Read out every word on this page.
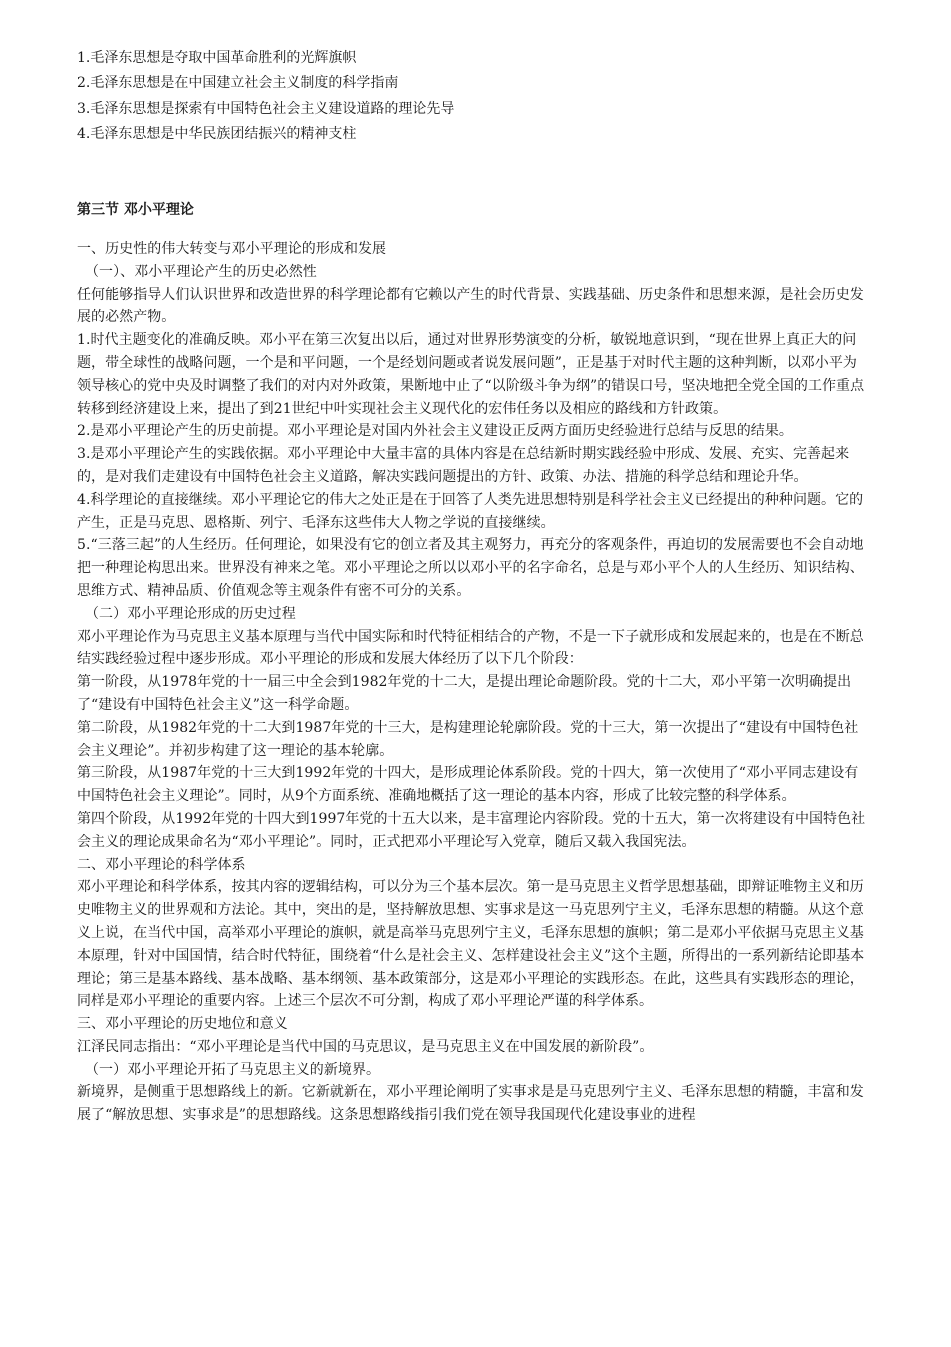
1.毛泽东思想是夺取中国革命胜利的光辉旗帜

2.毛泽东思想是在中国建立社会主义制度的科学指南

3.毛泽东思想是探索有中国特色社会主义建设道路的理论先导

4.毛泽东思想是中华民族团结振兴的精神支柱

第三节 邓小平理论

一、历史性的伟大转变与邓小平理论的形成和发展

（一）、邓小平理论产生的历史必然性

任何能够指导人们认识世界和改造世界的科学理论都有它赖以产生的时代背景、实践基础、历史条件和思想来源，是社会历史发展的必然产物。

1.时代主题变化的准确反映。邓小平在第三次复出以后，通过对世界形势演变的分析，敏锐地意识到，“现在世界上真正大的问题，带全球性的战略问题，一个是和平问题，一个是经划问题或者说发展问题”，正是基于对时代主题的这种判断，以邓小平为领导核心的党中央及时调整了我们的对内对外政策，果断地中止了“以阶级斗争为纲”的错误口号，坚决地把全党全国的工作重点转移到经济建设上来，提出了到21世纪中叶实现社会主义现代化的宏伟任务以及相应的路线和方针政策。

2.是邓小平理论产生的历史前提。邓小平理论是对国内外社会主义建设正反两方面历史经验进行总结与反思的结果。

3.是邓小平理论产生的实践依据。邓小平理论中大量丰富的具体内容是在总结新时期实践经验中形成、发展、充实、完善起来的，是对我们走建设有中国特色社会主义道路，解决实践问题提出的方针、政策、办法、措施的科学总结和理论升华。

4.科学理论的直接继续。邓小平理论它的伟大之处正是在于回答了人类先进思想特别是科学社会主义已经提出的种种问题。它的产生，正是马克思、恩格斯、列宁、毛泽东这些伟大人物之学说的直接继续。

5.“三落三起”的人生经历。任何理论，如果没有它的创立者及其主观努力，再充分的客观条件，再迫切的发展需要也不会自动地把一种理论构思出来。世界没有神来之笔。邓小平理论之所以以邓小平的名字命名，总是与邓小平个人的人生经历、知识结构、思维方式、精神品质、价值观念等主观条件有密不可分的关系。

（二）邓小平理论形成的历史过程

邓小平理论作为马克思主义基本原理与当代中国实际和时代特征相结合的产物，不是一下子就形成和发展起来的，也是在不断总结实践经验过程中逐步形成。邓小平理论的形成和发展大体经历了以下几个阶段：

第一阶段，从1978年党的十一届三中全会到1982年党的十二大，是提出理论命题阶段。党的十二大，邓小平第一次明确提出了“建设有中国特色社会主义”这一科学命题。

第二阶段，从1982年党的十二大到1987年党的十三大，是构建理论轮廓阶段。党的十三大，第一次提出了“建设有中国特色社会主义理论”。并初步构建了这一理论的基本轮廓。

第三阶段，从1987年党的十三大到1992年党的十四大，是形成理论体系阶段。党的十四大，第一次使用了“邓小平同志建设有中国特色社会主义理论”。同时，从9个方面系统、准确地概括了这一理论的基本内容，形成了比较完整的科学体系。

第四个阶段，从1992年党的十四大到1997年党的十五大以来，是丰富理论内容阶段。党的十五大，第一次将建设有中国特色社会主义的理论成果命名为“邓小平理论”。同时，正式把邓小平理论写入党章，随后又载入我国宪法。

二、邓小平理论的科学体系

邓小平理论和科学体系，按其内容的逻辑结构，可以分为三个基本层次。第一是马克思主义哲学思想基础，即辩证唯物主义和历史唯物主义的世界观和方法论。其中，突出的是，坚持解放思想、实事求是这一马克思列宁主义，毛泽东思想的精髓。从这个意义上说，在当代中国，高举邓小平理论的旗帜，就是高举马克思列宁主义，毛泽东思想的旗帜；第二是邓小平依据马克思主义基本原理，针对中国国情，结合时代特征，围绕着“什么是社会主义、怎样建设社会主义”这个主题，所得出的一系列新结论即基本理论；第三是基本路线、基本战略、基本纲领、基本政策部分，这是邓小平理论的实践形态。在此，这些具有实践形态的理论，同样是邓小平理论的重要内容。上述三个层次不可分割，构成了邓小平理论严谨的科学体系。

三、邓小平理论的历史地位和意义

江泽民同志指出：“邓小平理论是当代中国的马克思议，是马克思主义在中国发展的新阶段”。

（一）邓小平理论开拓了马克思主义的新境界。

新境界，是侧重于思想路线上的新。它新就新在，邓小平理论阐明了实事求是是马克思列宁主义、毛泽东思想的精髓，丰富和发展了“解放思想、实事求是”的思想路线。这条思想路线指引我们党在领导我国现代化建设事业的进程
